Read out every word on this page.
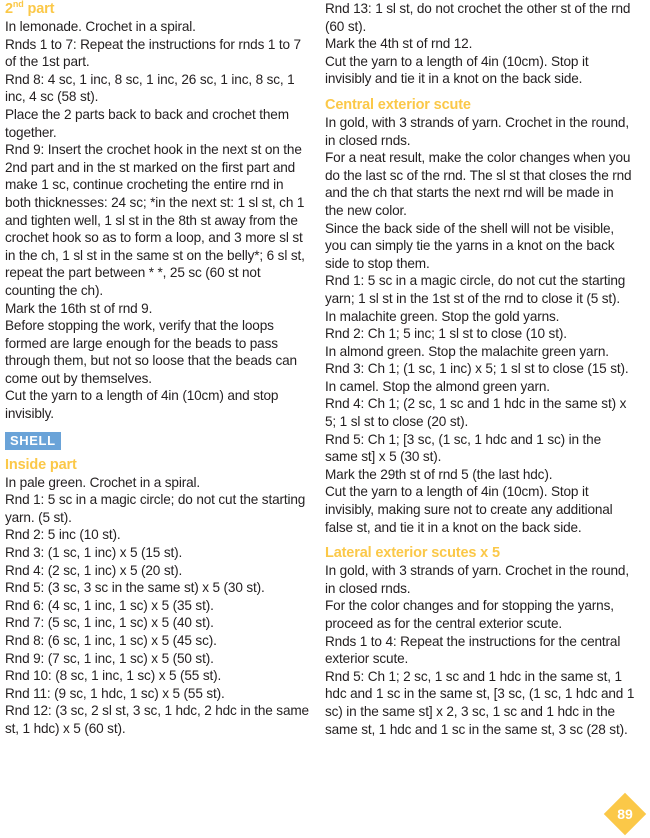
2nd part
In lemonade. Crochet in a spiral.
Rnds 1 to 7: Repeat the instructions for rnds 1 to 7 of the 1st part.
Rnd 8: 4 sc, 1 inc, 8 sc, 1 inc, 26 sc, 1 inc, 8 sc, 1 inc, 4 sc (58 st).
Place the 2 parts back to back and crochet them together.
Rnd 9: Insert the crochet hook in the next st on the 2nd part and in the st marked on the first part and make 1 sc, continue crocheting the entire rnd in both thicknesses: 24 sc; *in the next st: 1 sl st, ch 1 and tighten well, 1 sl st in the 8th st away from the crochet hook so as to form a loop, and 3 more sl st in the ch, 1 sl st in the same st on the belly*; 6 sl st, repeat the part between * *, 25 sc (60 st not counting the ch).
Mark the 16th st of rnd 9.
Before stopping the work, verify that the loops formed are large enough for the beads to pass through them, but not so loose that the beads can come out by themselves.
Cut the yarn to a length of 4in (10cm) and stop invisibly.
SHELL
Inside part
In pale green. Crochet in a spiral.
Rnd 1: 5 sc in a magic circle; do not cut the starting yarn. (5 st).
Rnd 2: 5 inc (10 st).
Rnd 3: (1 sc, 1 inc) x 5 (15 st).
Rnd 4: (2 sc, 1 inc) x 5 (20 st).
Rnd 5: (3 sc, 3 sc in the same st) x 5 (30 st).
Rnd 6: (4 sc, 1 inc, 1 sc) x 5 (35 st).
Rnd 7: (5 sc, 1 inc, 1 sc) x 5 (40 st).
Rnd 8: (6 sc, 1 inc, 1 sc) x 5 (45 sc).
Rnd 9: (7 sc, 1 inc, 1 sc) x 5 (50 st).
Rnd 10: (8 sc, 1 inc, 1 sc) x 5 (55 st).
Rnd 11: (9 sc, 1 hdc, 1 sc) x 5 (55 st).
Rnd 12: (3 sc, 2 sl st, 3 sc, 1 hdc, 2 hdc in the same st, 1 hdc) x 5 (60 st).
Rnd 13: 1 sl st, do not crochet the other st of the rnd (60 st).
Mark the 4th st of rnd 12.
Cut the yarn to a length of 4in (10cm). Stop it invisibly and tie it in a knot on the back side.
Central exterior scute
In gold, with 3 strands of yarn. Crochet in the round, in closed rnds.
For a neat result, make the color changes when you do the last sc of the rnd. The sl st that closes the rnd and the ch that starts the next rnd will be made in the new color.
Since the back side of the shell will not be visible, you can simply tie the yarns in a knot on the back side to stop them.
Rnd 1: 5 sc in a magic circle, do not cut the starting yarn; 1 sl st in the 1st st of the rnd to close it (5 st).
In malachite green. Stop the gold yarns.
Rnd 2: Ch 1; 5 inc; 1 sl st to close (10 st).
In almond green. Stop the malachite green yarn.
Rnd 3: Ch 1; (1 sc, 1 inc) x 5; 1 sl st to close (15 st).
In camel. Stop the almond green yarn.
Rnd 4: Ch 1; (2 sc, 1 sc and 1 hdc in the same st) x 5; 1 sl st to close (20 st).
Rnd 5: Ch 1; [3 sc, (1 sc, 1 hdc and 1 sc) in the same st] x 5 (30 st).
Mark the 29th st of rnd 5 (the last hdc).
Cut the yarn to a length of 4in (10cm). Stop it invisibly, making sure not to create any additional false st, and tie it in a knot on the back side.
Lateral exterior scutes x 5
In gold, with 3 strands of yarn. Crochet in the round, in closed rnds.
For the color changes and for stopping the yarns, proceed as for the central exterior scute.
Rnds 1 to 4: Repeat the instructions for the central exterior scute.
Rnd 5: Ch 1; 2 sc, 1 sc and 1 hdc in the same st, 1 hdc and 1 sc in the same st, [3 sc, (1 sc, 1 hdc and 1 sc) in the same st] x 2, 3 sc, 1 sc and 1 hdc in the same st, 1 hdc and 1 sc in the same st, 3 sc (28 st).
89
